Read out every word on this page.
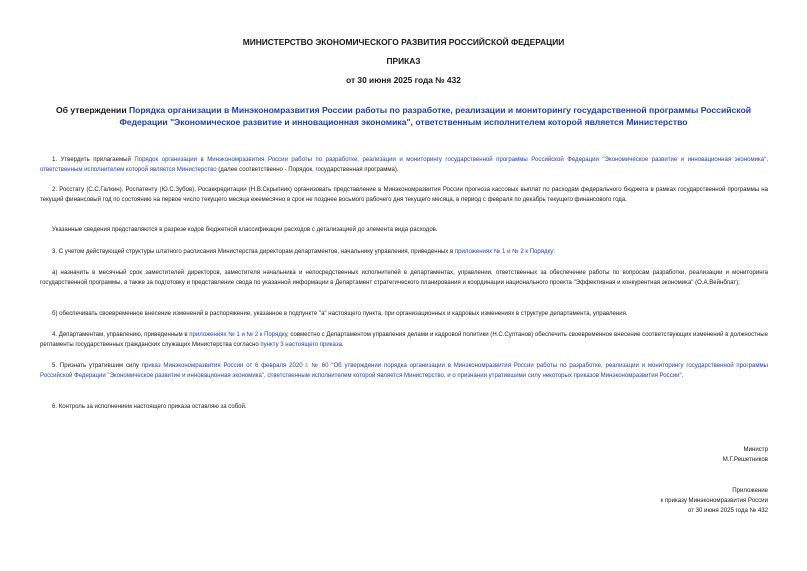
МИНИСТЕРСТВО ЭКОНОМИЧЕСКОГО РАЗВИТИЯ РОССИЙСКОЙ ФЕДЕРАЦИИ
ПРИКАЗ
от 30 июня 2025 года № 432
Об утверждении Порядка организации в Минэкономразвития России работы по разработке, реализации и мониторингу государственной программы Российской Федерации "Экономическое развитие и инновационная экономика", ответственным исполнителем которой является Министерство

1. Утвердить прилагаемый Порядок организации в Минэкономразвития России работы по разработке, реализации и мониторингу государственной программы Российской Федерации "Экономическое развитие и инновационная экономика", ответственным исполнителем которой является Министерство (далее соответственно - Порядок, государственная программа).

2. Росстату (С.С.Галкин), Роспатенту (Ю.С.Зубов), Росаккредитации (Н.В.Скрыпник) организовать представление в Минэкономразвития России прогноза кассовых выплат по расходам федерального бюджета в рамках государственной программы на текущий финансовый год по состоянию на первое число текущего месяца ежемесячно в срок не позднее восьмого рабочего дня текущего месяца, в период с февраля по декабрь текущего финансового года.

Указанные сведения представляются в разрезе кодов бюджетной классификации расходов с детализацией до элемента вида расходов.

3. С учетом действующей структуры штатного расписания Министерства директорам департаментов, начальнику управления, приведенных в приложениях № 1 и № 2 к Порядку:

а) назначить в месячный срок заместителей директоров, заместителя начальника и непосредственных исполнителей в департаментах, управлении, ответственных за обеспечение работы по вопросам разработки, реализации и мониторинга государственной программы, а также за подготовку и представление свода по указанной информации в Департамент стратегического планирования и координации национального проекта "Эффективная и конкурентная экономика" (О.А.Вейнблат);

б) обеспечивать своевременное внесение изменений в распоряжение, указанное в подпункте "а" настоящего пункта, при организационных и кадровых изменениях в структуре департамента, управления.

4. Департаментам, управлению, приведенным в приложениях № 1 и № 2 к Порядку, совместно с Департаментом управления делами и кадровой политики (Н.С.Султанов) обеспечить своевременное внесение соответствующих изменений в должностные регламенты государственных гражданских служащих Министерства согласно пункту 3 настоящего приказа.

5. Признать утратившим силу приказ Минэкономразвития России от 6 февраля 2020 г. № 60 "Об утверждении порядка организации в Минэкономразвития России работы по разработке, реализации и мониторингу государственной программы Российской Федерации "Экономическое развитие и инновационная экономика", ответственным исполнителем которой является Министерство, и о признании утратившими силу некоторых приказов Минэкономразвития России".

6. Контроль за исполнением настоящего приказа оставляю за собой.

Министр
М.Г.Решетников
Приложение
к приказу Минэкономразвития России
от 30 июня 2025 года № 432
